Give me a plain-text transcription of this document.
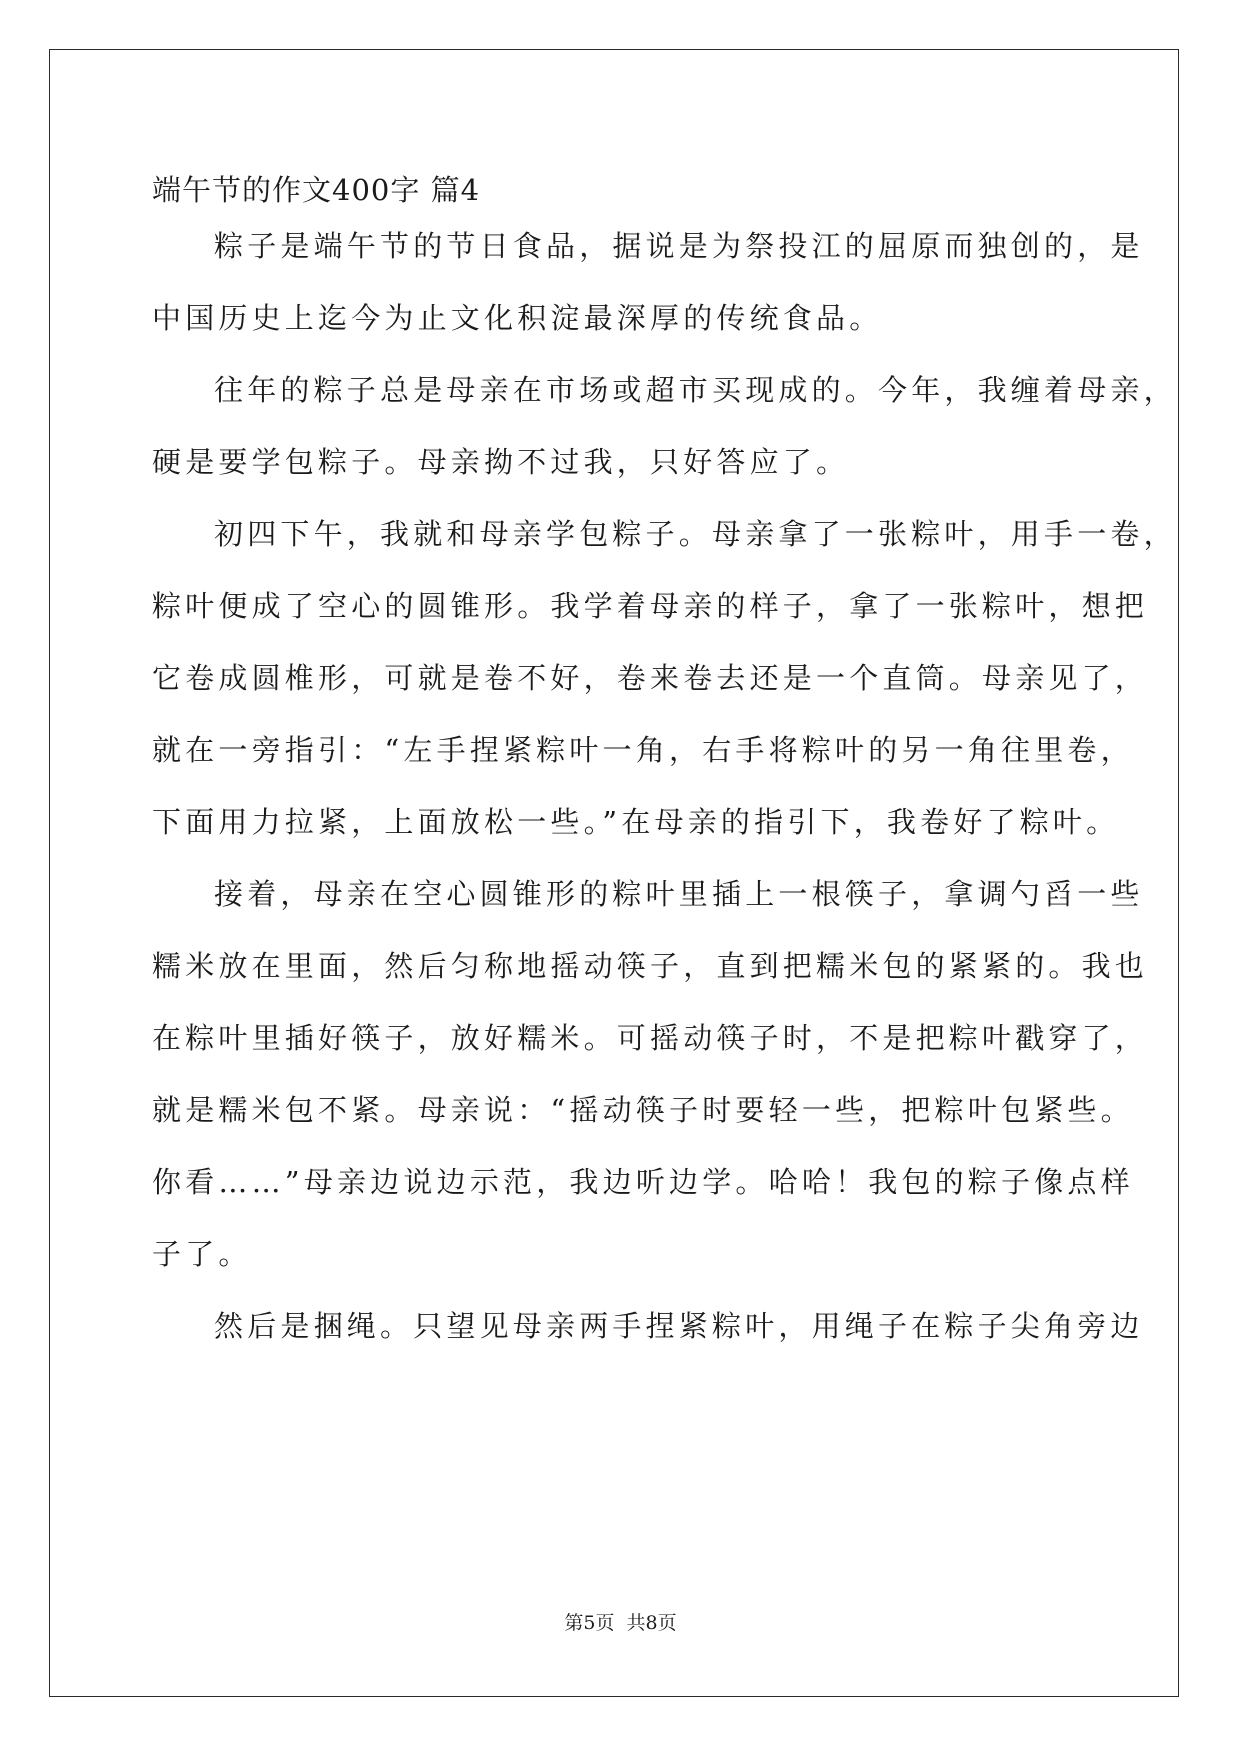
端午节的作文400字 篇4
粽子是端午节的节日食品，据说是为祭投江的屈原而独创的，是
中国历史上迄今为止文化积淀最深厚的传统食品。
往年的粽子总是母亲在市场或超市买现成的。今年，我缠着母亲，
硬是要学包粽子。母亲拗不过我，只好答应了。
初四下午，我就和母亲学包粽子。母亲拿了一张粽叶，用手一卷，
粽叶便成了空心的圆锥形。我学着母亲的样子，拿了一张粽叶，想把
它卷成圆椎形，可就是卷不好，卷来卷去还是一个直筒。母亲见了，
就在一旁指引：“左手捏紧粽叶一角，右手将粽叶的另一角往里卷，
下面用力拉紧，上面放松一些。”在母亲的指引下，我卷好了粽叶。
接着，母亲在空心圆锥形的粽叶里插上一根筷子，拿调勺舀一些
糯米放在里面，然后匀称地摇动筷子，直到把糯米包的紧紧的。我也
在粽叶里插好筷子，放好糯米。可摇动筷子时，不是把粽叶戳穿了，
就是糯米包不紧。母亲说：“摇动筷子时要轻一些，把粽叶包紧些。
你看……”母亲边说边示范，我边听边学。哈哈！我包的粽子像点样
子了。
然后是捆绳。只望见母亲两手捏紧粽叶，用绳子在粽子尖角旁边
第5页  共8页
